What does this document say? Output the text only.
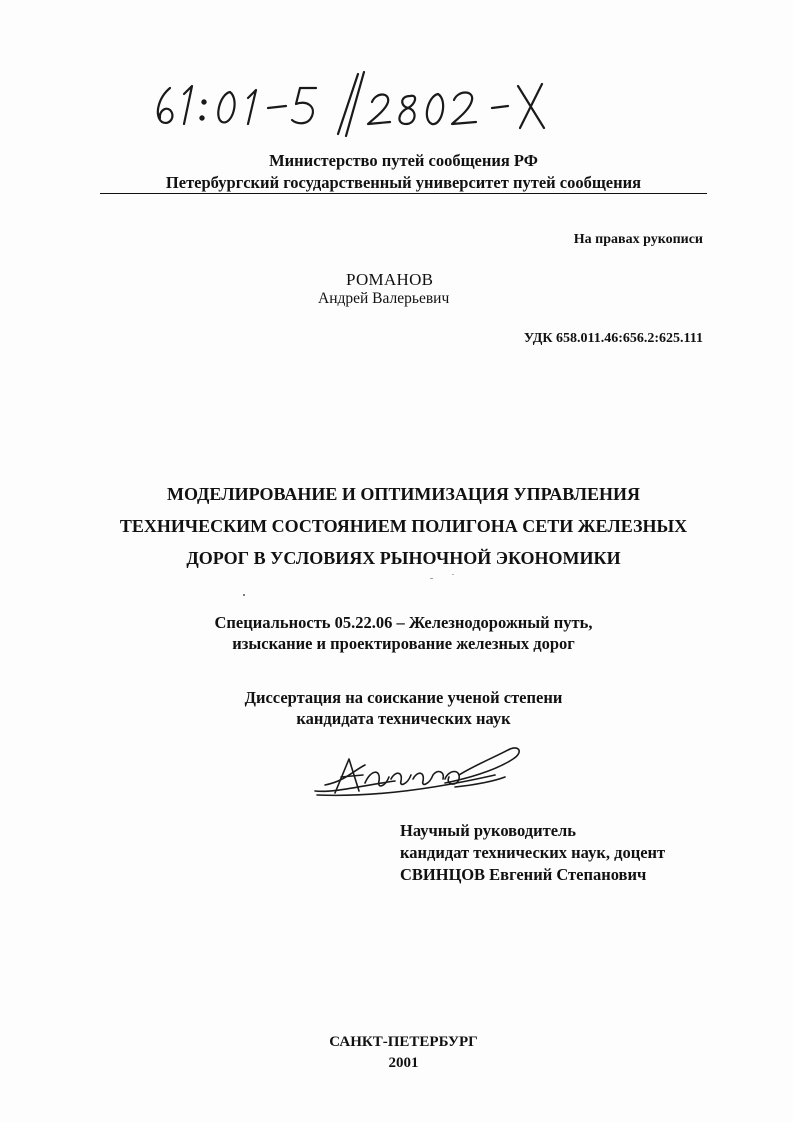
Министерство путей сообщения РФ
Петербургский государственный университет путей сообщения
На правах рукописи
РОМАНОВ
Андрей Валерьевич
УДК 658.011.46:656.2:625.111
МОДЕЛИРОВАНИЕ И ОПТИМИЗАЦИЯ УПРАВЛЕНИЯ
ТЕХНИЧЕСКИМ СОСТОЯНИЕМ ПОЛИГОНА СЕТИ ЖЕЛЕЗНЫХ
ДОРОГ В УСЛОВИЯХ РЫНОЧНОЙ ЭКОНОМИКИ
Специальность 05.22.06 – Железнодорожный путь,
изыскание и проектирование железных дорог
Диссертация на соискание ученой степени
кандидата технических наук
Научный руководитель
кандидат технических наук, доцент
СВИНЦОВ Евгений Степанович
САНКТ-ПЕТЕРБУРГ
2001
